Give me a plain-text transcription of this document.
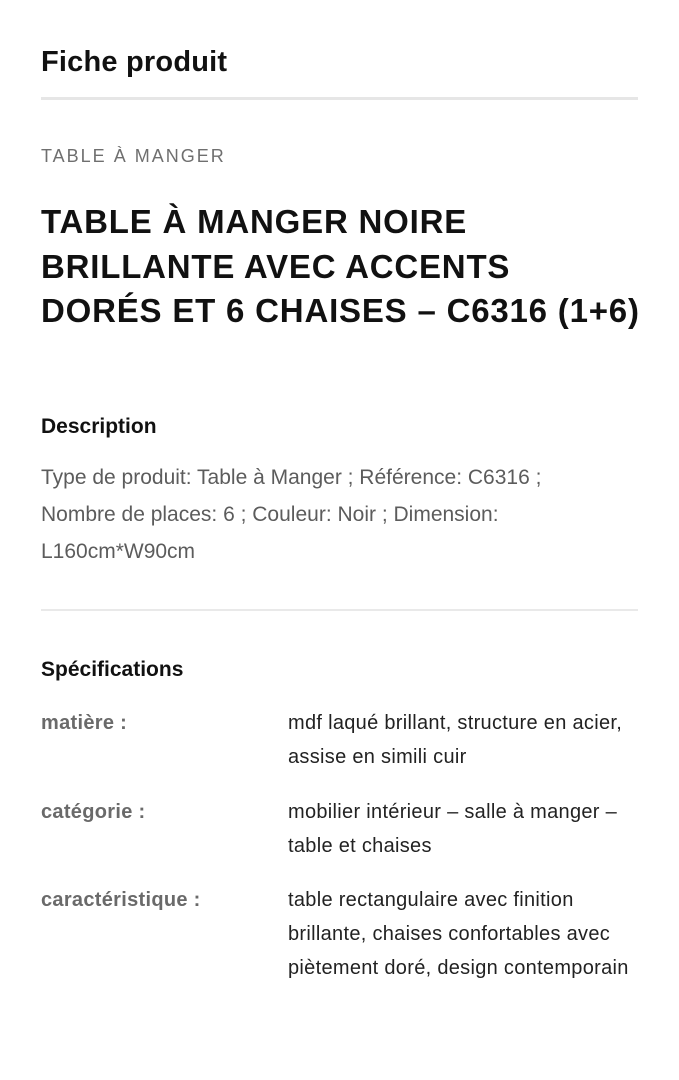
Fiche produit
TABLE À MANGER
TABLE À MANGER NOIRE BRILLANTE AVEC ACCENTS DORÉS ET 6 CHAISES – C6316 (1+6)
Description

Type de produit: Table à Manger ; Référence: C6316 ; Nombre de places: 6 ; Couleur: Noir ; Dimension: L160cm*W90cm

Spécifications
matière :	mdf laqué brillant, structure en acier, assise en simili cuir
catégorie :	mobilier intérieur – salle à manger – table et chaises
caractéristique :	table rectangulaire avec finition brillante, chaises confortables avec piètement doré, design contemporain
